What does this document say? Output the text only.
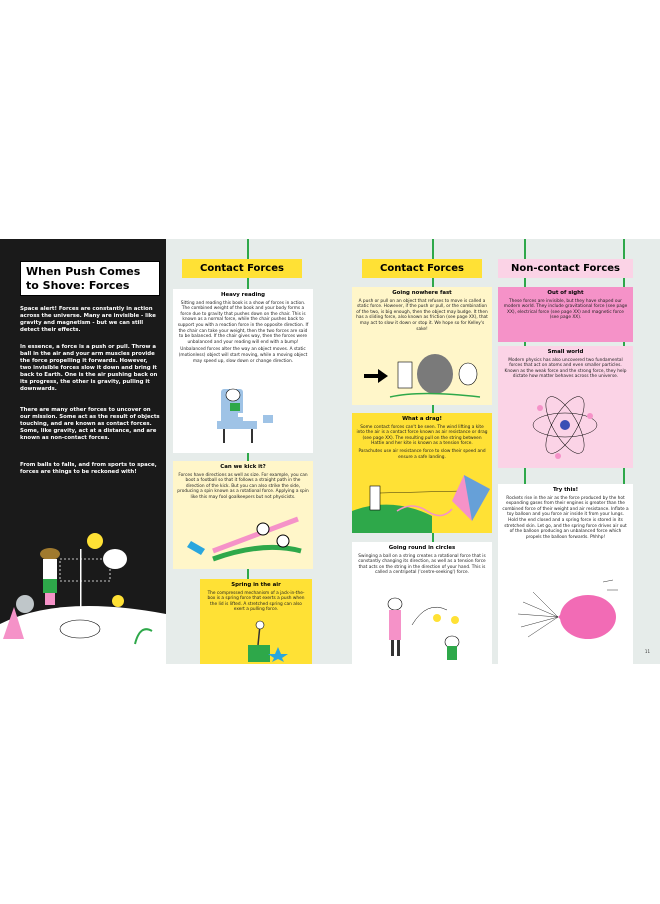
When Push Comes to Shove: Forces
Space alert! Forces are constantly in action across the universe. Many are invisible - like gravity and magnetism - but we can still detect their effects.
In essence, a force is a push or pull. Throw a ball in the air and your arm muscles provide the force propelling it forwards. However, two invisible forces slow it down and bring it back to Earth. One is the air pushing back on its progress, the other is gravity, pulling it downwards.
There are many other forces to uncover on our mission. Some act as the result of objects touching, and are known as contact forces. Some, like gravity, act at a distance, and are known as non-contact forces.
From balls to falls, and from sports to space, forces are things to be reckoned with!
10
Contact Forces
Heavy reading

Sitting and reading this book is a show of forces in action. The combined weight of the book and your body forms a force due to gravity that pushes down on the chair. This is known as a normal force, while the chair pushes back to support you with a reaction force in the opposite direction. If the chair can take your weight, then the two forces are said to be balanced. If the chair gives way, then the forces were unbalanced and your reading will end with a bump!

Unbalanced forces alter the way an object moves. A static (motionless) object will start moving, while a moving object may speed up, slow down or change direction.

Can we kick it?

Forces have directions as well as size. For example, you can boot a football so that it follows a straight path in the direction of the kick. But you can also strike the side, producing a spin known as a rotational force. Applying a spin like this may fool goalkeepers but not physicists.

Spring in the air

The compressed mechanism of a jack-in-the-box is a spring force that exerts a push when the lid is lifted. A stretched spring can also exert a pulling force.

Contact Forces
Going nowhere fast

A push or pull on an object that refuses to move is called a static force. However, if the push or pull, or the combination of the two, is big enough, then the object may budge. It then has a sliding force, also known as friction (see page XX), that may act to slow it down or stop it. We hope so for Kelley's sake!

What a drag!

Some contact forces can't be seen. The wind lifting a kite into the air is a contact force known as air resistance or drag (see page XX). The resulting pull on the string between Hattie and her kite is known as a tension force.

Parachutes use air resistance force to slow their speed and ensure a safe landing.

Going round in circles

Swinging a ball on a string creates a rotational force that is constantly changing its direction, as well as a tension force that acts on the string in the direction of your hand. This is called a centripetal ('centre-seeking') force.

Non-contact Forces
Out of sight

These forces are invisible, but they have shaped our modern world. They include gravitational force (see page XX), electrical force (see page XX) and magnetic force (see page XX).

Small world

Modern physics has also uncovered two fundamental forces that act on atoms and even smaller particles. Known as the weak force and the strong force, they help dictate how matter behaves across the universe.

Try this!

Rockets rise in the air as the force produced by the hot expanding gases from their engines is greater than the combined force of their weight and air resistance. Inflate a toy balloon and you force air inside it from your lungs. Hold the end closed and a spring force is stored in its stretched skin. Let go, and the spring force drives air out of the balloon producing an unbalanced force which propels the balloon forwards. Phhhp!

11
